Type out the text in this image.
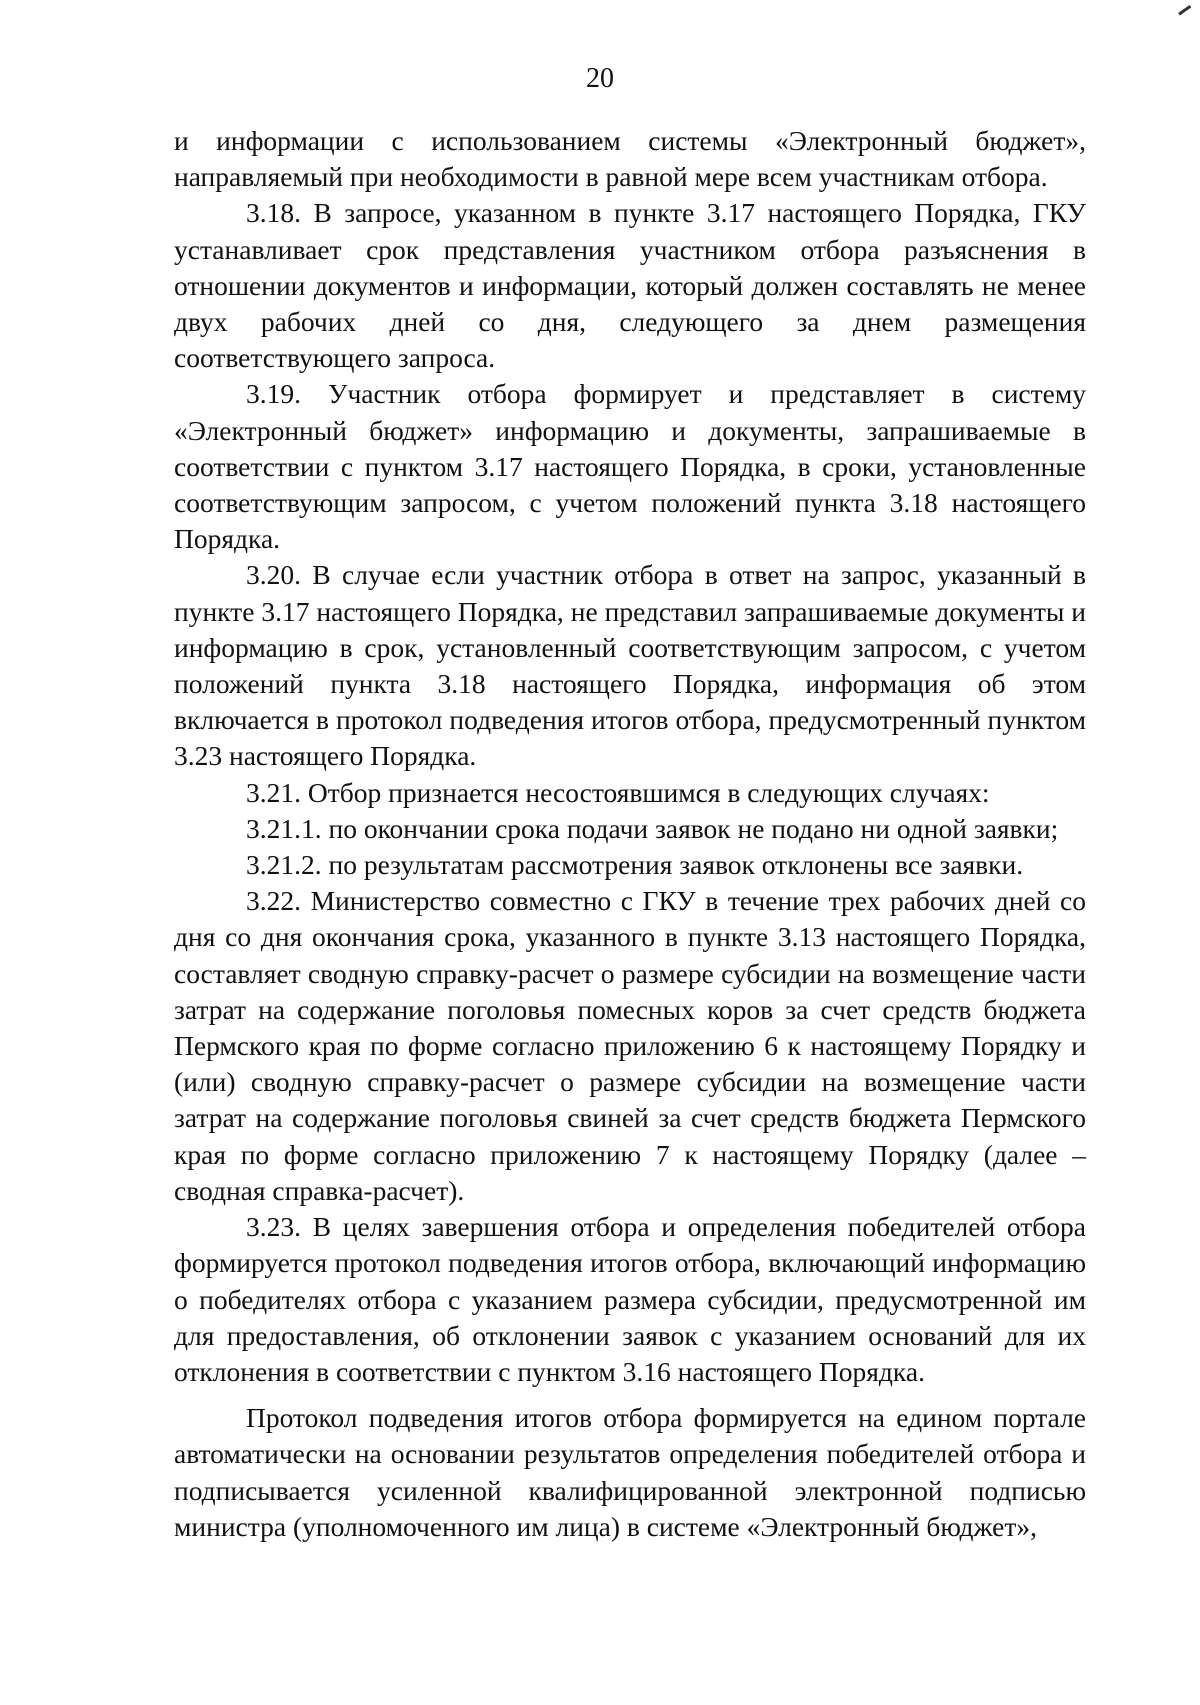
20

и информации с использованием системы «Электронный бюджет», направляемый при необходимости в равной мере всем участникам отбора.

3.18. В запросе, указанном в пункте 3.17 настоящего Порядка, ГКУ устанавливает срок представления участником отбора разъяснения в отношении документов и информации, который должен составлять не менее двух рабочих дней со дня, следующего за днем размещения соответствующего запроса.

3.19. Участник отбора формирует и представляет в систему «Электронный бюджет» информацию и документы, запрашиваемые в соответствии с пунктом 3.17 настоящего Порядка, в сроки, установленные соответствующим запросом, с учетом положений пункта 3.18 настоящего Порядка.

3.20. В случае если участник отбора в ответ на запрос, указанный в пункте 3.17 настоящего Порядка, не представил запрашиваемые документы и информацию в срок, установленный соответствующим запросом, с учетом положений пункта 3.18 настоящего Порядка, информация об этом включается в протокол подведения итогов отбора, предусмотренный пунктом 3.23 настоящего Порядка.

3.21. Отбор признается несостоявшимся в следующих случаях:

3.21.1. по окончании срока подачи заявок не подано ни одной заявки;

3.21.2. по результатам рассмотрения заявок отклонены все заявки.

3.22. Министерство совместно с ГКУ в течение трех рабочих дней со дня со дня окончания срока, указанного в пункте 3.13 настоящего Порядка, составляет сводную справку-расчет о размере субсидии на возмещение части затрат на содержание поголовья помесных коров за счет средств бюджета Пермского края по форме согласно приложению 6 к настоящему Порядку и (или) сводную справку-расчет о размере субсидии на возмещение части затрат на содержание поголовья свиней за счет средств бюджета Пермского края по форме согласно приложению 7 к настоящему Порядку (далее – сводная справка-расчет).

3.23. В целях завершения отбора и определения победителей отбора формируется протокол подведения итогов отбора, включающий информацию о победителях отбора с указанием размера субсидии, предусмотренной им для предоставления, об отклонении заявок с указанием оснований для их отклонения в соответствии с пунктом 3.16 настоящего Порядка.

Протокол подведения итогов отбора формируется на едином портале автоматически на основании результатов определения победителей отбора и подписывается усиленной квалифицированной электронной подписью министра (уполномоченного им лица) в системе «Электронный бюджет»,
